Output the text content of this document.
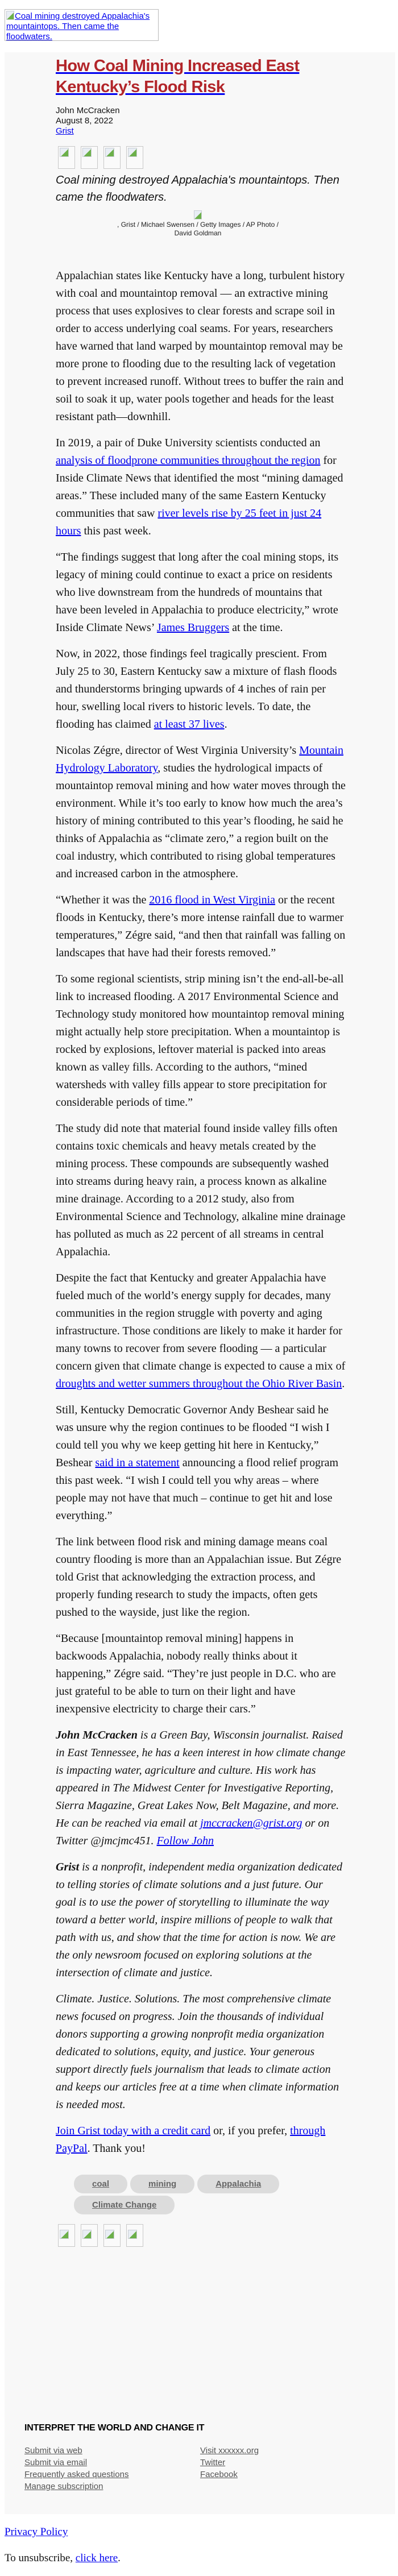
Coal mining destroyed Appalachia's mountaintops. Then came the floodwaters.
How Coal Mining Increased East Kentucky’s Flood Risk
John McCracken
August 8, 2022
Grist

Coal mining destroyed Appalachia's mountaintops. Then came the floodwaters.

, Grist / Michael Swensen / Getty Images / AP Photo / David Goldman

Appalachian states like Kentucky have a long, turbulent history with coal and mountaintop removal — an extractive mining process that uses explosives to clear forests and scrape soil in order to access underlying coal seams. For years, researchers have warned that land warped by mountaintop removal may be more prone to flooding due to the resulting lack of vegetation to prevent increased runoff. Without trees to buffer the rain and soil to soak it up, water pools together and heads for the least resistant path—downhill.

In 2019, a pair of Duke University scientists conducted an analysis of floodprone communities throughout the region for Inside Climate News that identified the most “mining damaged areas.” These included many of the same Eastern Kentucky communities that saw river levels rise by 25 feet in just 24 hours this past week.

“The findings suggest that long after the coal mining stops, its legacy of mining could continue to exact a price on residents who live downstream from the hundreds of mountains that have been leveled in Appalachia to produce electricity,” wrote Inside Climate News’ James Bruggers at the time.

Now, in 2022, those findings feel tragically prescient. From July 25 to 30, Eastern Kentucky saw a mixture of flash floods and thunderstorms bringing upwards of 4 inches of rain per hour, swelling local rivers to historic levels. To date, the flooding has claimed at least 37 lives.

Nicolas Zégre, director of West Virginia University’s Mountain Hydrology Laboratory, studies the hydrological impacts of mountaintop removal mining and how water moves through the environment. While it’s too early to know how much the area’s history of mining contributed to this year’s flooding, he said he thinks of Appalachia as “climate zero,” a region built on the coal industry, which contributed to rising global temperatures and increased carbon in the atmosphere.

“Whether it was the 2016 flood in West Virginia or the recent floods in Kentucky, there’s more intense rainfall due to warmer temperatures,” Zégre said, “and then that rainfall was falling on landscapes that have had their forests removed.”

To some regional scientists, strip mining isn’t the end-all-be-all link to increased flooding. A 2017 Environmental Science and Technology study monitored how mountaintop removal mining might actually help store precipitation. When a mountaintop is rocked by explosions, leftover material is packed into areas known as valley fills. According to the authors, “mined watersheds with valley fills appear to store precipitation for considerable periods of time.”

The study did note that material found inside valley fills often contains toxic chemicals and heavy metals created by the mining process. These compounds are subsequently washed into streams during heavy rain, a process known as alkaline mine drainage. According to a 2012 study, also from Environmental Science and Technology, alkaline mine drainage has polluted as much as 22 percent of all streams in central Appalachia.

Despite the fact that Kentucky and greater Appalachia have fueled much of the world’s energy supply for decades, many communities in the region struggle with poverty and aging infrastructure. Those conditions are likely to make it harder for many towns to recover from severe flooding — a particular concern given that climate change is expected to cause a mix of droughts and wetter summers throughout the Ohio River Basin.

Still, Kentucky Democratic Governor Andy Beshear said he was unsure why the region continues to be flooded “I wish I could tell you why we keep getting hit here in Kentucky,” Beshear said in a statement announcing a flood relief program this past week. “I wish I could tell you why areas – where people may not have that much – continue to get hit and lose everything.”

The link between flood risk and mining damage means coal country flooding is more than an Appalachian issue. But Zégre told Grist that acknowledging the extraction process, and properly funding research to study the impacts, often gets pushed to the wayside, just like the region.

“Because [mountaintop removal mining] happens in backwoods Appalachia, nobody really thinks about it happening,” Zégre said. “They’re just people in D.C. who are just grateful to be able to turn on their light and have inexpensive electricity to charge their cars.”

John McCracken is a Green Bay, Wisconsin journalist. Raised in East Tennessee, he has a keen interest in how climate change is impacting water, agriculture and culture. His work has appeared in The Midwest Center for Investigative Reporting, Sierra Magazine, Great Lakes Now, Belt Magazine, and more. He can be reached via email at jmccracken@grist.org or on Twitter @jmcjmc451. Follow John

Grist is a nonprofit, independent media organization dedicated to telling stories of climate solutions and a just future. Our goal is to use the power of storytelling to illuminate the way toward a better world, inspire millions of people to walk that path with us, and show that the time for action is now. We are the only newsroom focused on exploring solutions at the intersection of climate and justice.

Climate. Justice. Solutions. The most comprehensive climate news focused on progress. Join the thousands of individual donors supporting a growing nonprofit media organization dedicated to solutions, equity, and justice. Your generous support directly fuels journalism that leads to climate action and keeps our articles free at a time when climate information is needed most.

Join Grist today with a credit card or, if you prefer, through PayPal. Thank you!

coal	mining	Appalachia
Climate Change
INTERPRET THE WORLD AND CHANGE IT
Submit via web
Submit via email
Frequently asked questions
Manage subscription
Visit xxxxxx.org
Twitter
Facebook
Privacy Policy
To unsubscribe, click here.
